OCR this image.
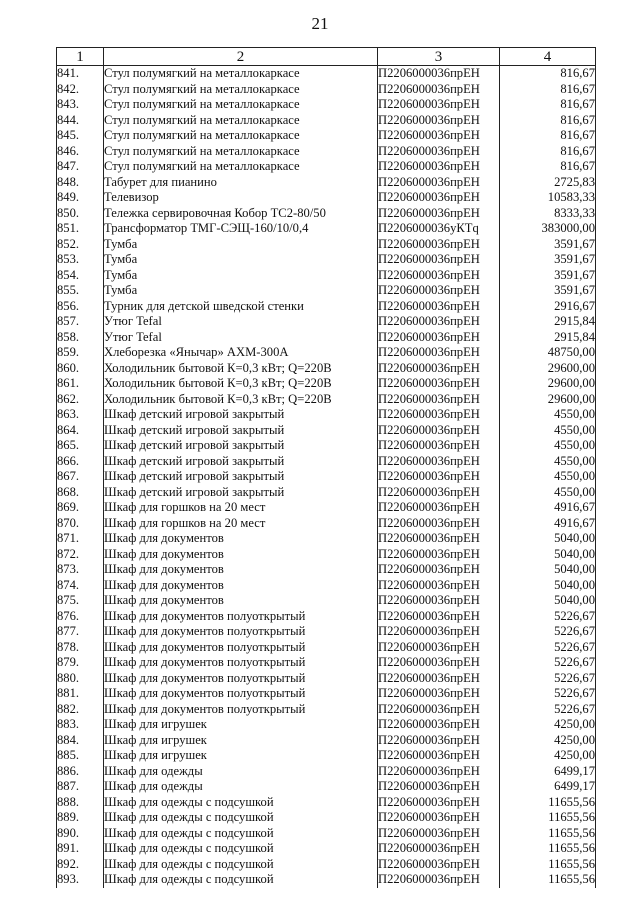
21
1	2	3	4
841.	Стул полумягкий на металлокаркасе	П2206000036прЕН	816,67
842.	Стул полумягкий на металлокаркасе	П2206000036прЕН	816,67
843.	Стул полумягкий на металлокаркасе	П2206000036прЕН	816,67
844.	Стул полумягкий на металлокаркасе	П2206000036прЕН	816,67
845.	Стул полумягкий на металлокаркасе	П2206000036прЕН	816,67
846.	Стул полумягкий на металлокаркасе	П2206000036прЕН	816,67
847.	Стул полумягкий на металлокаркасе	П2206000036прЕН	816,67
848.	Табурет для пианино	П2206000036прЕН	2725,83
849.	Телевизор	П2206000036прЕН	10583,33
850.	Тележка сервировочная Кобор ТС2-80/50	П2206000036прЕН	8333,33
851.	Трансформатор ТМГ-СЭЩ-160/10/0,4	П2206000036уКТq	383000,00
852.	Тумба	П2206000036прЕН	3591,67
853.	Тумба	П2206000036прЕН	3591,67
854.	Тумба	П2206000036прЕН	3591,67
855.	Тумба	П2206000036прЕН	3591,67
856.	Турник для детской шведской стенки	П2206000036прЕН	2916,67
857.	Утюг Tefal	П2206000036прЕН	2915,84
858.	Утюг Tefal	П2206000036прЕН	2915,84
859.	Хлеборезка «Янычар» АХМ-300А	П2206000036прЕН	48750,00
860.	Холодильник бытовой К=0,3 кВт; Q=220В	П2206000036прЕН	29600,00
861.	Холодильник бытовой К=0,3 кВт; Q=220В	П2206000036прЕН	29600,00
862.	Холодильник бытовой К=0,3 кВт; Q=220В	П2206000036прЕН	29600,00
863.	Шкаф детский игровой закрытый	П2206000036прЕН	4550,00
864.	Шкаф детский игровой закрытый	П2206000036прЕН	4550,00
865.	Шкаф детский игровой закрытый	П2206000036прЕН	4550,00
866.	Шкаф детский игровой закрытый	П2206000036прЕН	4550,00
867.	Шкаф детский игровой закрытый	П2206000036прЕН	4550,00
868.	Шкаф детский игровой закрытый	П2206000036прЕН	4550,00
869.	Шкаф для горшков на 20 мест	П2206000036прЕН	4916,67
870.	Шкаф для горшков на 20 мест	П2206000036прЕН	4916,67
871.	Шкаф для документов	П2206000036прЕН	5040,00
872.	Шкаф для документов	П2206000036прЕН	5040,00
873.	Шкаф для документов	П2206000036прЕН	5040,00
874.	Шкаф для документов	П2206000036прЕН	5040,00
875.	Шкаф для документов	П2206000036прЕН	5040,00
876.	Шкаф для документов полуоткрытый	П2206000036прЕН	5226,67
877.	Шкаф для документов полуоткрытый	П2206000036прЕН	5226,67
878.	Шкаф для документов полуоткрытый	П2206000036прЕН	5226,67
879.	Шкаф для документов полуоткрытый	П2206000036прЕН	5226,67
880.	Шкаф для документов полуоткрытый	П2206000036прЕН	5226,67
881.	Шкаф для документов полуоткрытый	П2206000036прЕН	5226,67
882.	Шкаф для документов полуоткрытый	П2206000036прЕН	5226,67
883.	Шкаф для игрушек	П2206000036прЕН	4250,00
884.	Шкаф для игрушек	П2206000036прЕН	4250,00
885.	Шкаф для игрушек	П2206000036прЕН	4250,00
886.	Шкаф для одежды	П2206000036прЕН	6499,17
887.	Шкаф для одежды	П2206000036прЕН	6499,17
888.	Шкаф для одежды с подсушкой	П2206000036прЕН	11655,56
889.	Шкаф для одежды с подсушкой	П2206000036прЕН	11655,56
890.	Шкаф для одежды с подсушкой	П2206000036прЕН	11655,56
891.	Шкаф для одежды с подсушкой	П2206000036прЕН	11655,56
892.	Шкаф для одежды с подсушкой	П2206000036прЕН	11655,56
893.	Шкаф для одежды с подсушкой	П2206000036прЕН	11655,56
